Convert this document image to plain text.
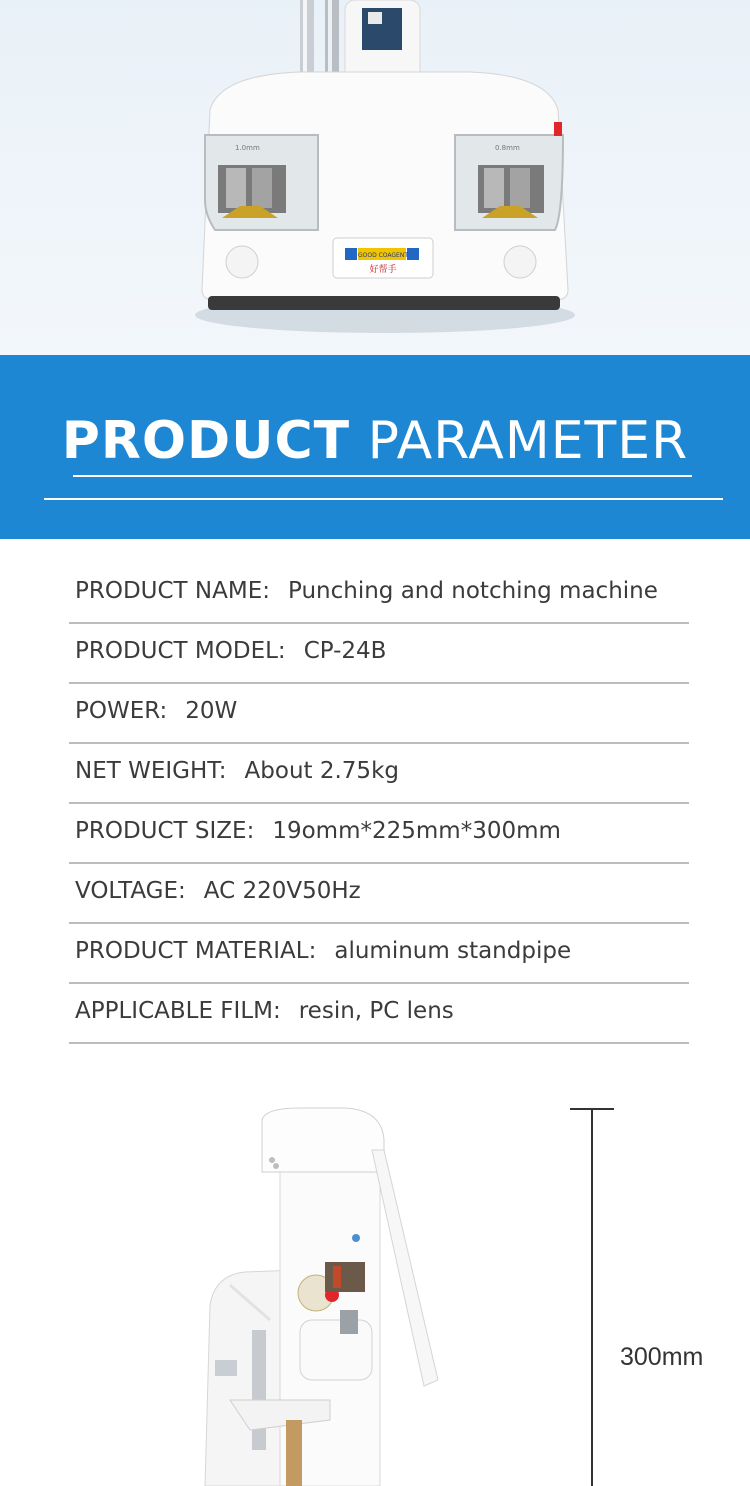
1.0mm	0.8mm
GOOD COAGENT
好帮手
PRODUCT PARAMETER
PRODUCT NAME: Punching and notching machine
PRODUCT MODEL: CP-24B
POWER: 20W
NET WEIGHT: About 2.75kg
PRODUCT SIZE: 19omm*225mm*300mm
VOLTAGE: AC 220V50Hz
PRODUCT MATERIAL: aluminum standpipe
APPLICABLE FILM: resin, PC lens
300mm
